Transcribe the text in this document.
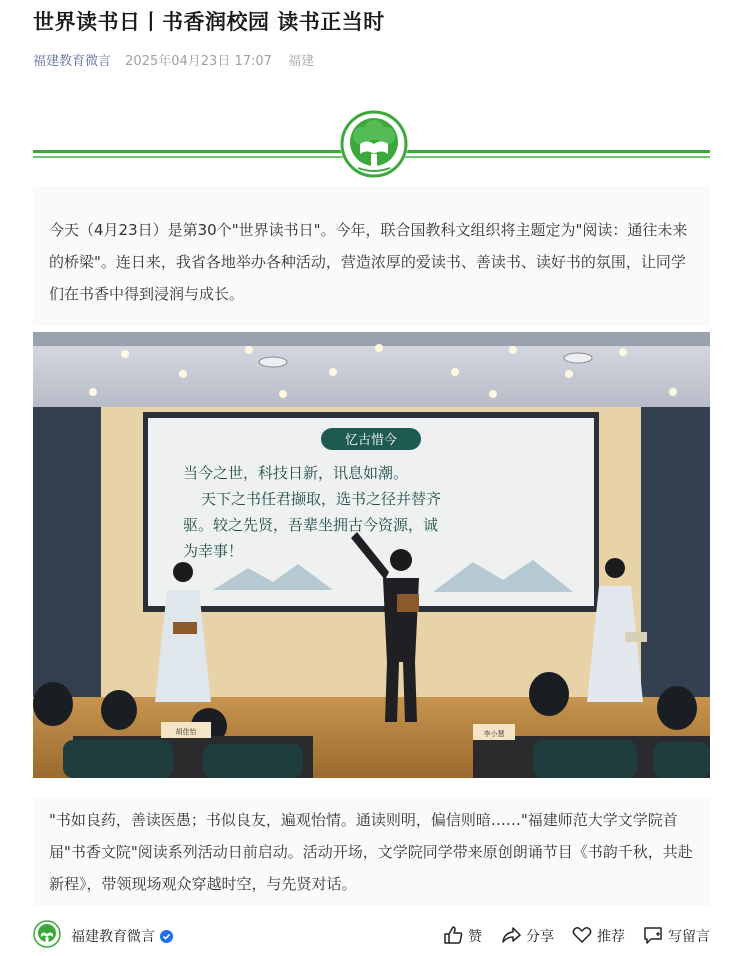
世界读书日丨书香润校园 读书正当时
福建教育微言 2025年04月23日 17:07 福建
今天（4月23日）是第30个"世界读书日"。今年，联合国教科文组织将主题定为"阅读：通往未来的桥梁"。连日来，我省各地举办各种活动，营造浓厚的爱读书、善读书、读好书的氛围，让同学们在书香中得到浸润与成长。
忆古惜今
当今之世，科技日新，讯息如潮。
天下之书任君撷取，选书之径并替齐
驱。较之先贤，吾辈坐拥古今资源，诚
为幸事！
胡佳怡	李小慧
"书如良药，善读医愚；书似良友，遍观怡情。通读则明，偏信则暗……"福建师范大学文学院首届"书香文院"阅读系列活动日前启动。活动开场，文学院同学带来原创朗诵节目《书韵千秋，共赴新程》，带领现场观众穿越时空，与先贤对话。
福建教育微言	赞	分享	推荐	写留言
